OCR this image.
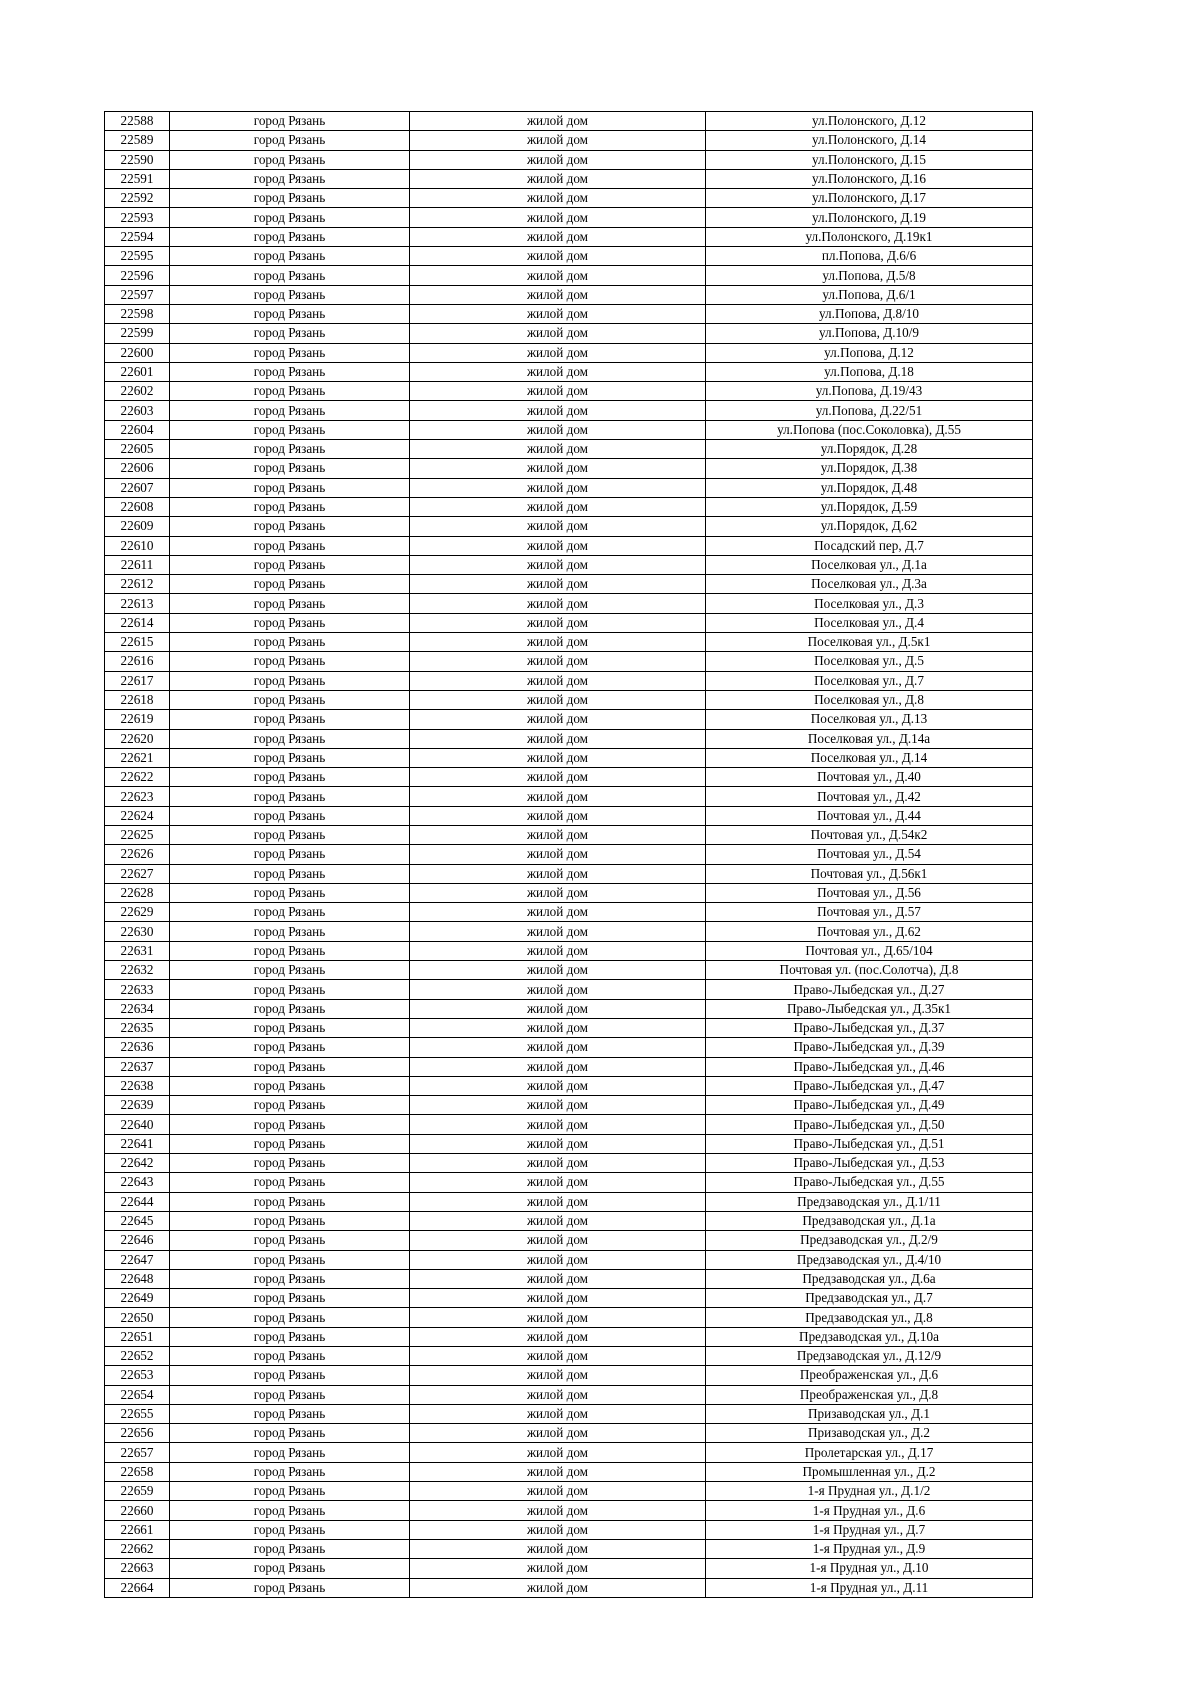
22588	город Рязань	жилой дом	ул.Полонского, Д.12
22589	город Рязань	жилой дом	ул.Полонского, Д.14
22590	город Рязань	жилой дом	ул.Полонского, Д.15
22591	город Рязань	жилой дом	ул.Полонского, Д.16
22592	город Рязань	жилой дом	ул.Полонского, Д.17
22593	город Рязань	жилой дом	ул.Полонского, Д.19
22594	город Рязань	жилой дом	ул.Полонского, Д.19к1
22595	город Рязань	жилой дом	пл.Попова, Д.6/6
22596	город Рязань	жилой дом	ул.Попова, Д.5/8
22597	город Рязань	жилой дом	ул.Попова, Д.6/1
22598	город Рязань	жилой дом	ул.Попова, Д.8/10
22599	город Рязань	жилой дом	ул.Попова, Д.10/9
22600	город Рязань	жилой дом	ул.Попова, Д.12
22601	город Рязань	жилой дом	ул.Попова, Д.18
22602	город Рязань	жилой дом	ул.Попова, Д.19/43
22603	город Рязань	жилой дом	ул.Попова, Д.22/51
22604	город Рязань	жилой дом	ул.Попова (пос.Соколовка), Д.55
22605	город Рязань	жилой дом	ул.Порядок, Д.28
22606	город Рязань	жилой дом	ул.Порядок, Д.38
22607	город Рязань	жилой дом	ул.Порядок, Д.48
22608	город Рязань	жилой дом	ул.Порядок, Д.59
22609	город Рязань	жилой дом	ул.Порядок, Д.62
22610	город Рязань	жилой дом	Посадский пер, Д.7
22611	город Рязань	жилой дом	Поселковая ул., Д.1а
22612	город Рязань	жилой дом	Поселковая ул., Д.3а
22613	город Рязань	жилой дом	Поселковая ул., Д.3
22614	город Рязань	жилой дом	Поселковая ул., Д.4
22615	город Рязань	жилой дом	Поселковая ул., Д.5к1
22616	город Рязань	жилой дом	Поселковая ул., Д.5
22617	город Рязань	жилой дом	Поселковая ул., Д.7
22618	город Рязань	жилой дом	Поселковая ул., Д.8
22619	город Рязань	жилой дом	Поселковая ул., Д.13
22620	город Рязань	жилой дом	Поселковая ул., Д.14а
22621	город Рязань	жилой дом	Поселковая ул., Д.14
22622	город Рязань	жилой дом	Почтовая ул., Д.40
22623	город Рязань	жилой дом	Почтовая ул., Д.42
22624	город Рязань	жилой дом	Почтовая ул., Д.44
22625	город Рязань	жилой дом	Почтовая ул., Д.54к2
22626	город Рязань	жилой дом	Почтовая ул., Д.54
22627	город Рязань	жилой дом	Почтовая ул., Д.56к1
22628	город Рязань	жилой дом	Почтовая ул., Д.56
22629	город Рязань	жилой дом	Почтовая ул., Д.57
22630	город Рязань	жилой дом	Почтовая ул., Д.62
22631	город Рязань	жилой дом	Почтовая ул., Д.65/104
22632	город Рязань	жилой дом	Почтовая ул. (пос.Солотча), Д.8
22633	город Рязань	жилой дом	Право-Лыбедская ул., Д.27
22634	город Рязань	жилой дом	Право-Лыбедская ул., Д.35к1
22635	город Рязань	жилой дом	Право-Лыбедская ул., Д.37
22636	город Рязань	жилой дом	Право-Лыбедская ул., Д.39
22637	город Рязань	жилой дом	Право-Лыбедская ул., Д.46
22638	город Рязань	жилой дом	Право-Лыбедская ул., Д.47
22639	город Рязань	жилой дом	Право-Лыбедская ул., Д.49
22640	город Рязань	жилой дом	Право-Лыбедская ул., Д.50
22641	город Рязань	жилой дом	Право-Лыбедская ул., Д.51
22642	город Рязань	жилой дом	Право-Лыбедская ул., Д.53
22643	город Рязань	жилой дом	Право-Лыбедская ул., Д.55
22644	город Рязань	жилой дом	Предзаводская ул., Д.1/11
22645	город Рязань	жилой дом	Предзаводская ул., Д.1а
22646	город Рязань	жилой дом	Предзаводская ул., Д.2/9
22647	город Рязань	жилой дом	Предзаводская ул., Д.4/10
22648	город Рязань	жилой дом	Предзаводская ул., Д.6а
22649	город Рязань	жилой дом	Предзаводская ул., Д.7
22650	город Рязань	жилой дом	Предзаводская ул., Д.8
22651	город Рязань	жилой дом	Предзаводская ул., Д.10а
22652	город Рязань	жилой дом	Предзаводская ул., Д.12/9
22653	город Рязань	жилой дом	Преображенская ул., Д.6
22654	город Рязань	жилой дом	Преображенская ул., Д.8
22655	город Рязань	жилой дом	Призаводская ул., Д.1
22656	город Рязань	жилой дом	Призаводская ул., Д.2
22657	город Рязань	жилой дом	Пролетарская ул., Д.17
22658	город Рязань	жилой дом	Промышленная ул., Д.2
22659	город Рязань	жилой дом	1-я Прудная ул., Д.1/2
22660	город Рязань	жилой дом	1-я Прудная ул., Д.6
22661	город Рязань	жилой дом	1-я Прудная ул., Д.7
22662	город Рязань	жилой дом	1-я Прудная ул., Д.9
22663	город Рязань	жилой дом	1-я Прудная ул., Д.10
22664	город Рязань	жилой дом	1-я Прудная ул., Д.11
